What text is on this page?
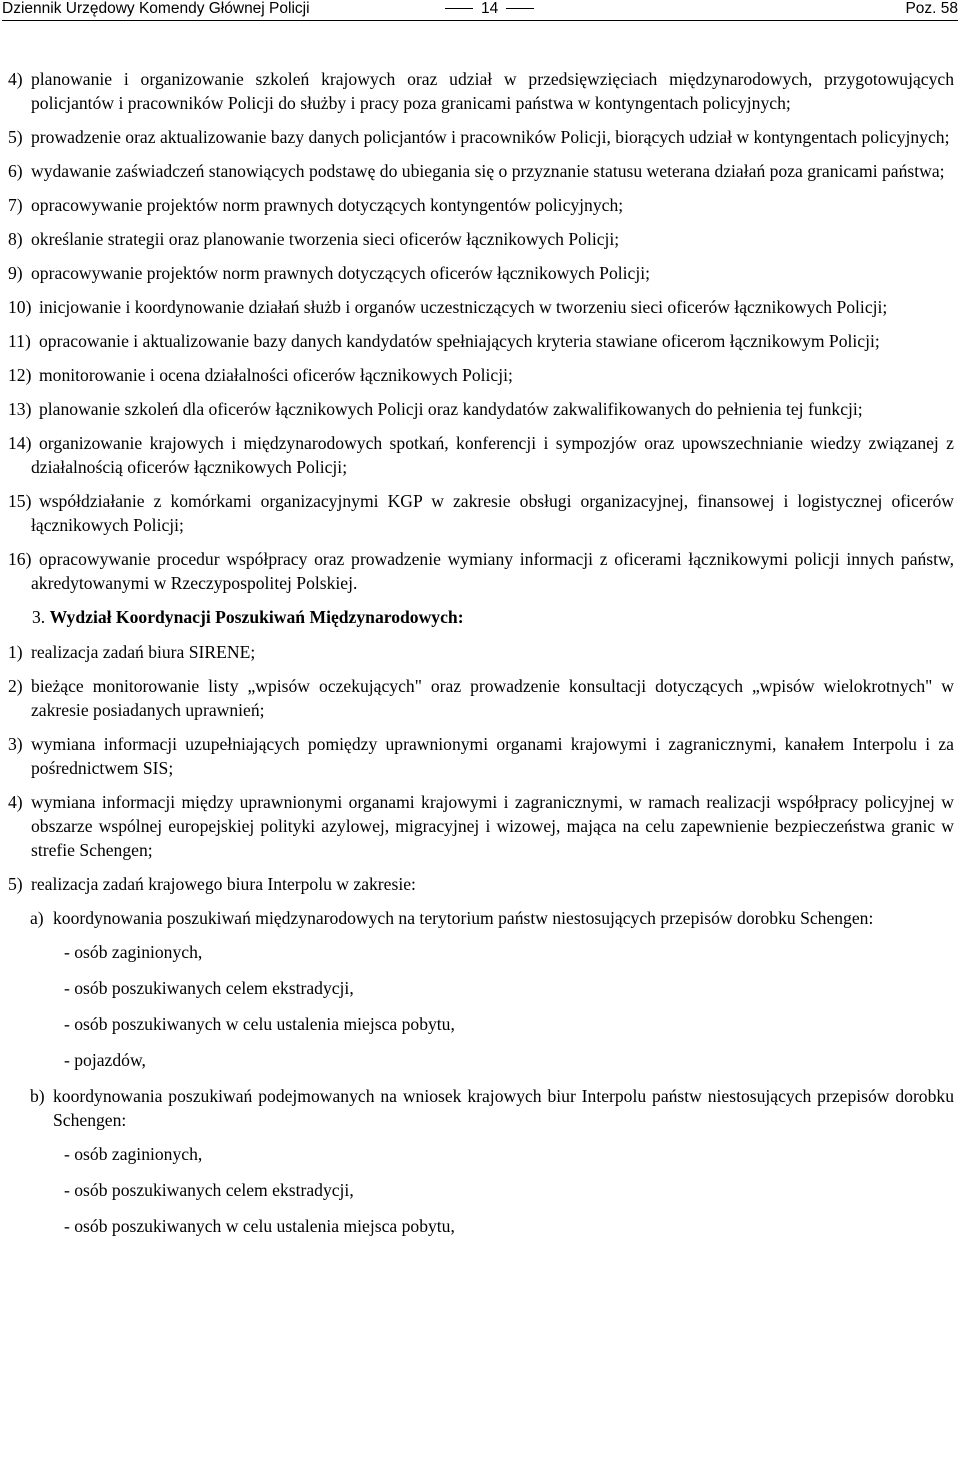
Dziennik Urzędowy Komendy Głównej Policji	14	Poz. 58
4) planowanie i organizowanie szkoleń krajowych oraz udział w przedsięwzięciach międzynarodowych, przygotowujących policjantów i pracowników Policji do służby i pracy poza granicami państwa w kontyngentach policyjnych;
5) prowadzenie oraz aktualizowanie bazy danych policjantów i pracowników Policji, biorących udział w kontyngentach policyjnych;
6) wydawanie zaświadczeń stanowiących podstawę do ubiegania się o przyznanie statusu weterana działań poza granicami państwa;
7) opracowywanie projektów norm prawnych dotyczących kontyngentów policyjnych;
8) określanie strategii oraz planowanie tworzenia sieci oficerów łącznikowych Policji;
9) opracowywanie projektów norm prawnych dotyczących oficerów łącznikowych Policji;
10) inicjowanie i koordynowanie działań służb i organów uczestniczących w tworzeniu sieci oficerów łącznikowych Policji;
11) opracowanie i aktualizowanie bazy danych kandydatów spełniających kryteria stawiane oficerom łącznikowym Policji;
12) monitorowanie i ocena działalności oficerów łącznikowych Policji;
13) planowanie szkoleń dla oficerów łącznikowych Policji oraz kandydatów zakwalifikowanych do pełnienia tej funkcji;
14) organizowanie krajowych i międzynarodowych spotkań, konferencji i sympozjów oraz upowszechnianie wiedzy związanej z działalnością oficerów łącznikowych Policji;
15) współdziałanie z komórkami organizacyjnymi KGP w zakresie obsługi organizacyjnej, finansowej i logistycznej oficerów łącznikowych Policji;
16) opracowywanie procedur współpracy oraz prowadzenie wymiany informacji z oficerami łącznikowymi policji innych państw, akredytowanymi w Rzeczypospolitej Polskiej.
3. Wydział Koordynacji Poszukiwań Międzynarodowych:
1) realizacja zadań biura SIRENE;
2) bieżące monitorowanie listy „wpisów oczekujących" oraz prowadzenie konsultacji dotyczących „wpisów wielokrotnych" w zakresie posiadanych uprawnień;
3) wymiana informacji uzupełniających pomiędzy uprawnionymi organami krajowymi i zagranicznymi, kanałem Interpolu i za pośrednictwem SIS;
4) wymiana informacji między uprawnionymi organami krajowymi i zagranicznymi, w ramach realizacji współpracy policyjnej w obszarze wspólnej europejskiej polityki azylowej, migracyjnej i wizowej, mająca na celu zapewnienie bezpieczeństwa granic w strefie Schengen;
5) realizacja zadań krajowego biura Interpolu w zakresie:
a) koordynowania poszukiwań międzynarodowych na terytorium państw niestosujących przepisów dorobku Schengen:
- osób zaginionych,
- osób poszukiwanych celem ekstradycji,
- osób poszukiwanych w celu ustalenia miejsca pobytu,
- pojazdów,
b) koordynowania poszukiwań podejmowanych na wniosek krajowych biur Interpolu państw niestosujących przepisów dorobku Schengen:
- osób zaginionych,
- osób poszukiwanych celem ekstradycji,
- osób poszukiwanych w celu ustalenia miejsca pobytu,
